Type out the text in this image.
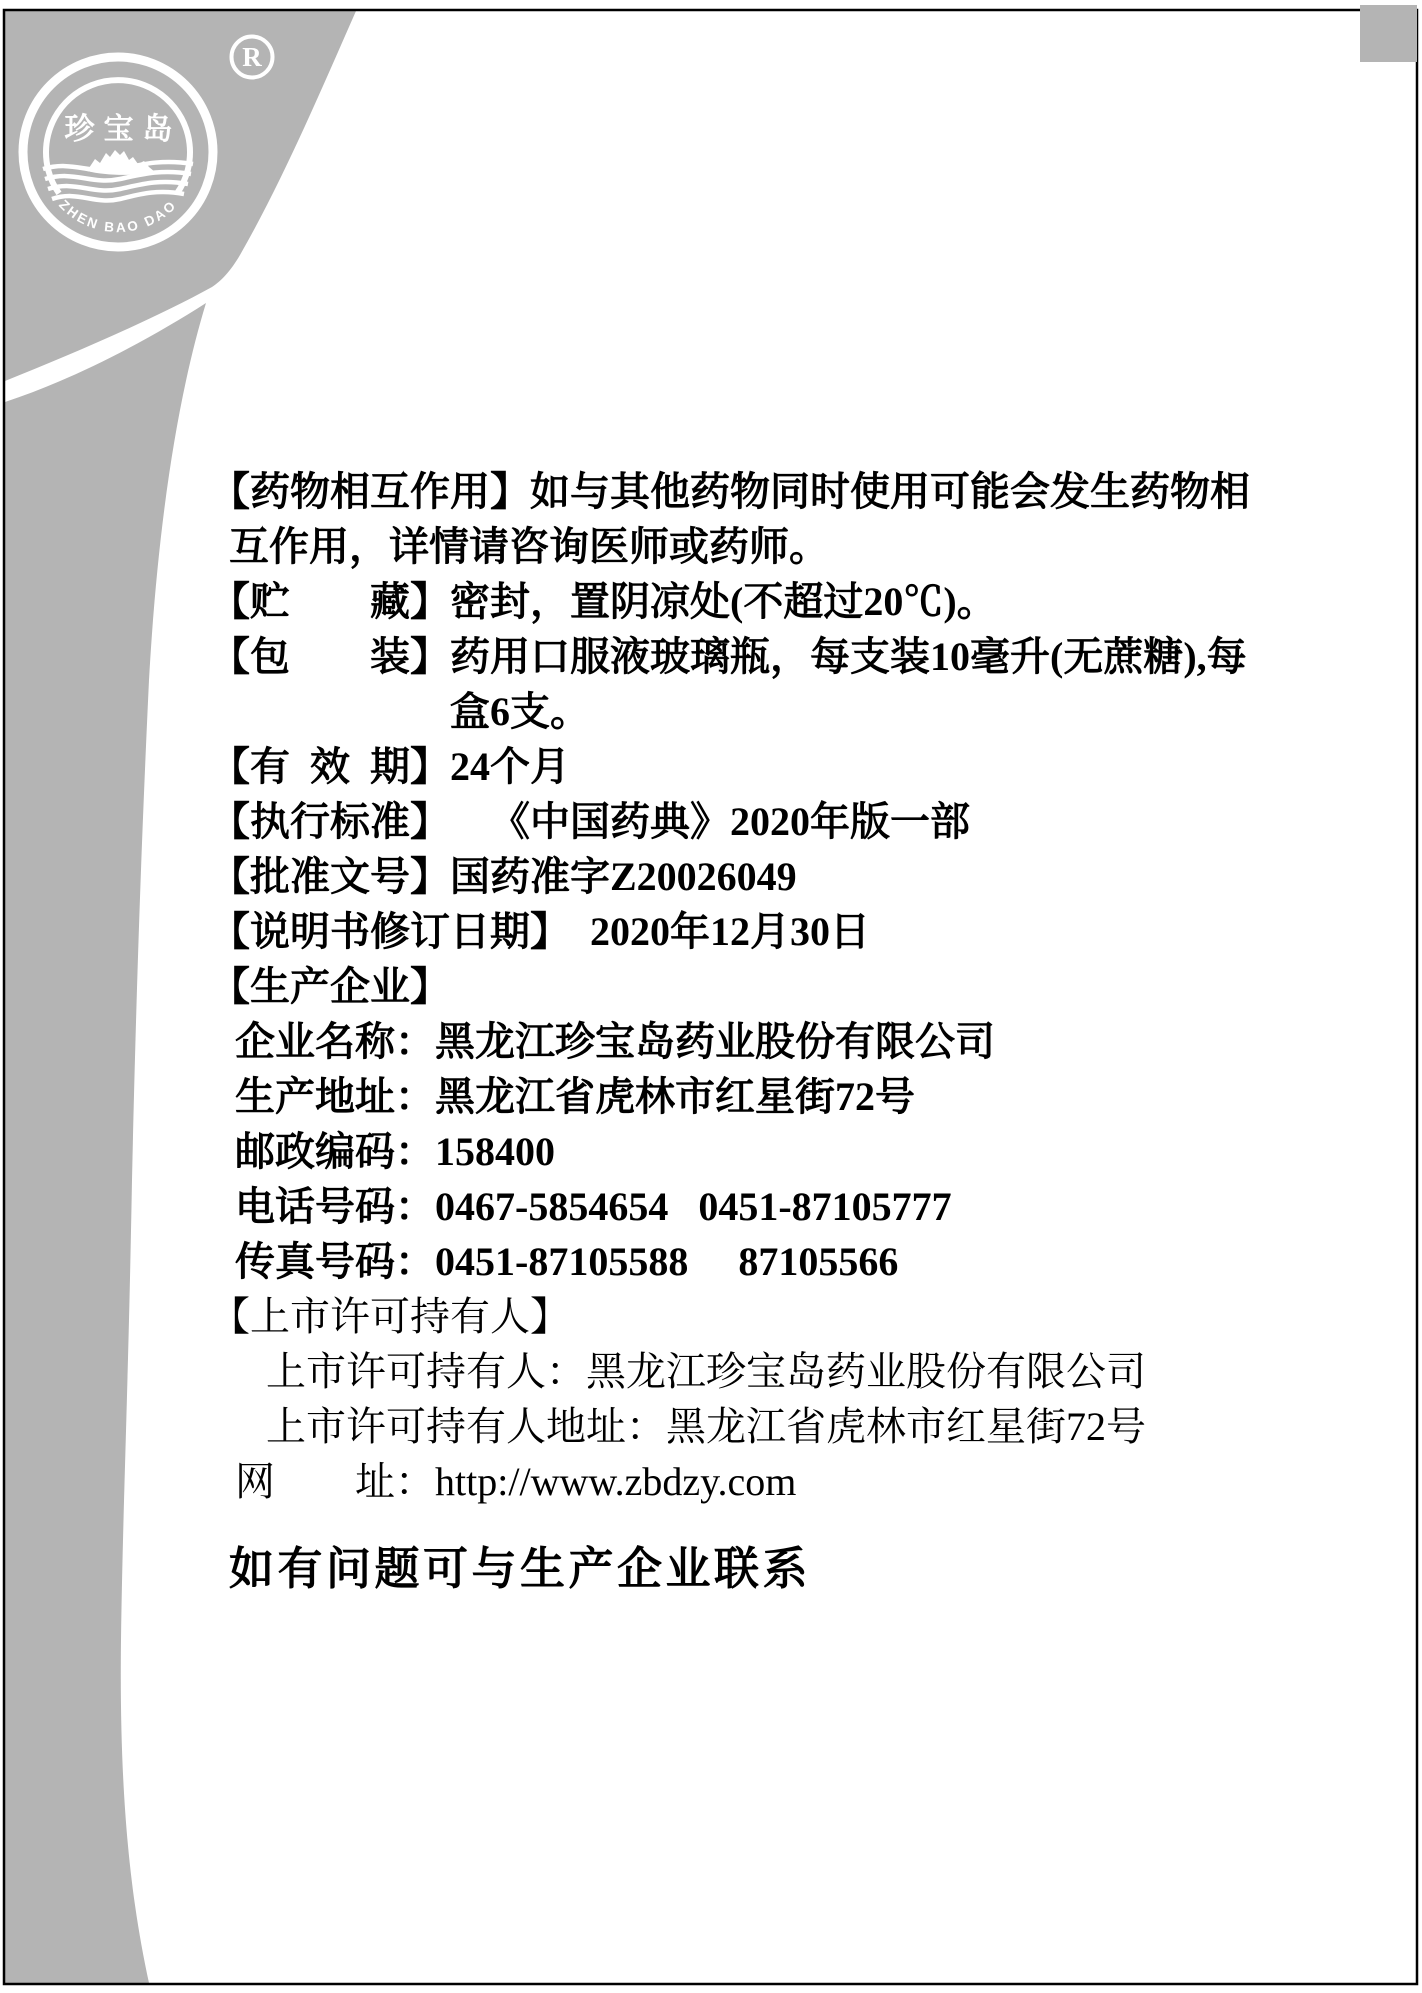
珍宝岛
ZHEN BAO DAO
R
【药物相互作用】如与其他药物同时使用可能会发生药物相
互作用，详情请咨询医师或药师。
【贮　　藏】密封，置阴凉处(不超过20℃)。
【包　　装】药用口服液玻璃瓶，每支装10毫升(无蔗糖),每
盒6支。
【有 效 期】24个月
【执行标准】　　《中国药典》2020年版一部
【批准文号】国药准字Z20026049
【说明书修订日期】　2020年12月30日
【生产企业】
企业名称：黑龙江珍宝岛药业股份有限公司
生产地址：黑龙江省虎林市红星街72号
邮政编码：158400
电话号码：0467-5854654   0451-87105777
传真号码：0451-87105588　 87105566
【上市许可持有人】
上市许可持有人：黑龙江珍宝岛药业股份有限公司
上市许可持有人地址：黑龙江省虎林市红星街72号
网　　址：http://www.zbdzy.com
如有问题可与生产企业联系
